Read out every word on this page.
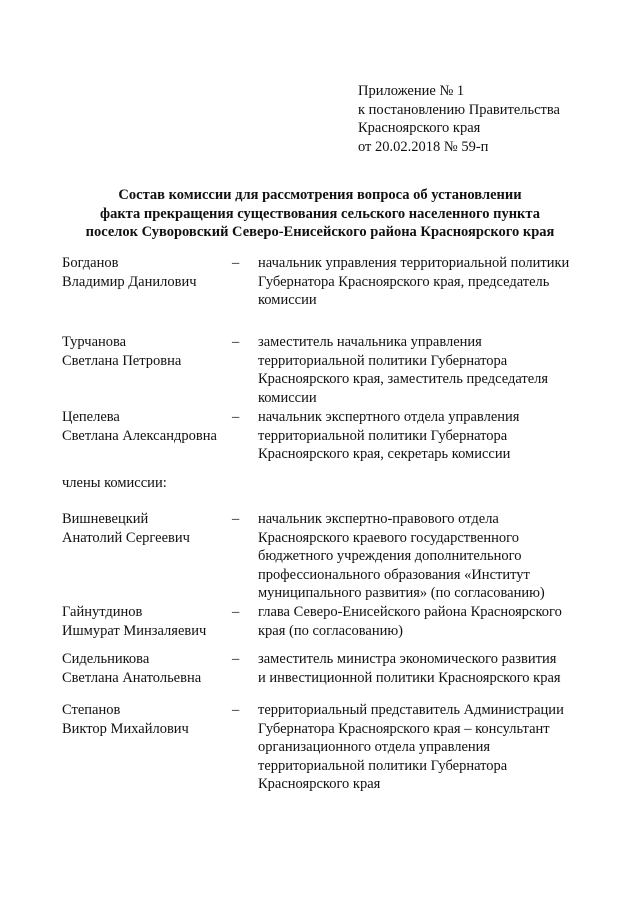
Приложение № 1
к постановлению Правительства
Красноярского края
от 20.02.2018 № 59-п
Состав комиссии для рассмотрения вопроса об установлении
факта прекращения существования сельского населенного пункта
поселок Суворовский Северо-Енисейского района Красноярского края
Богданов
Владимир Данилович
– начальник управления территориальной политики
Губернатора Красноярского края, председатель
комиссии
Турчанова
Светлана Петровна
– заместитель начальника управления
территориальной политики Губернатора
Красноярского края, заместитель председателя
комиссии
Цепелева
Светлана Александровна
– начальник экспертного отдела управления
территориальной политики Губернатора
Красноярского края, секретарь комиссии
члены комиссии:
Вишневецкий
Анатолий Сергеевич
– начальник экспертно-правового отдела
Красноярского краевого государственного
бюджетного учреждения дополнительного
профессионального образования «Институт
муниципального развития» (по согласованию)
Гайнутдинов
Ишмурат Минзаляевич
– глава Северо-Енисейского района Красноярского
края (по согласованию)
Сидельникова
Светлана Анатольевна
– заместитель министра экономического развития
и инвестиционной политики Красноярского края
Степанов
Виктор Михайлович
– территориальный представитель Администрации
Губернатора Красноярского края – консультант
организационного отдела управления
территориальной политики Губернатора
Красноярского края
